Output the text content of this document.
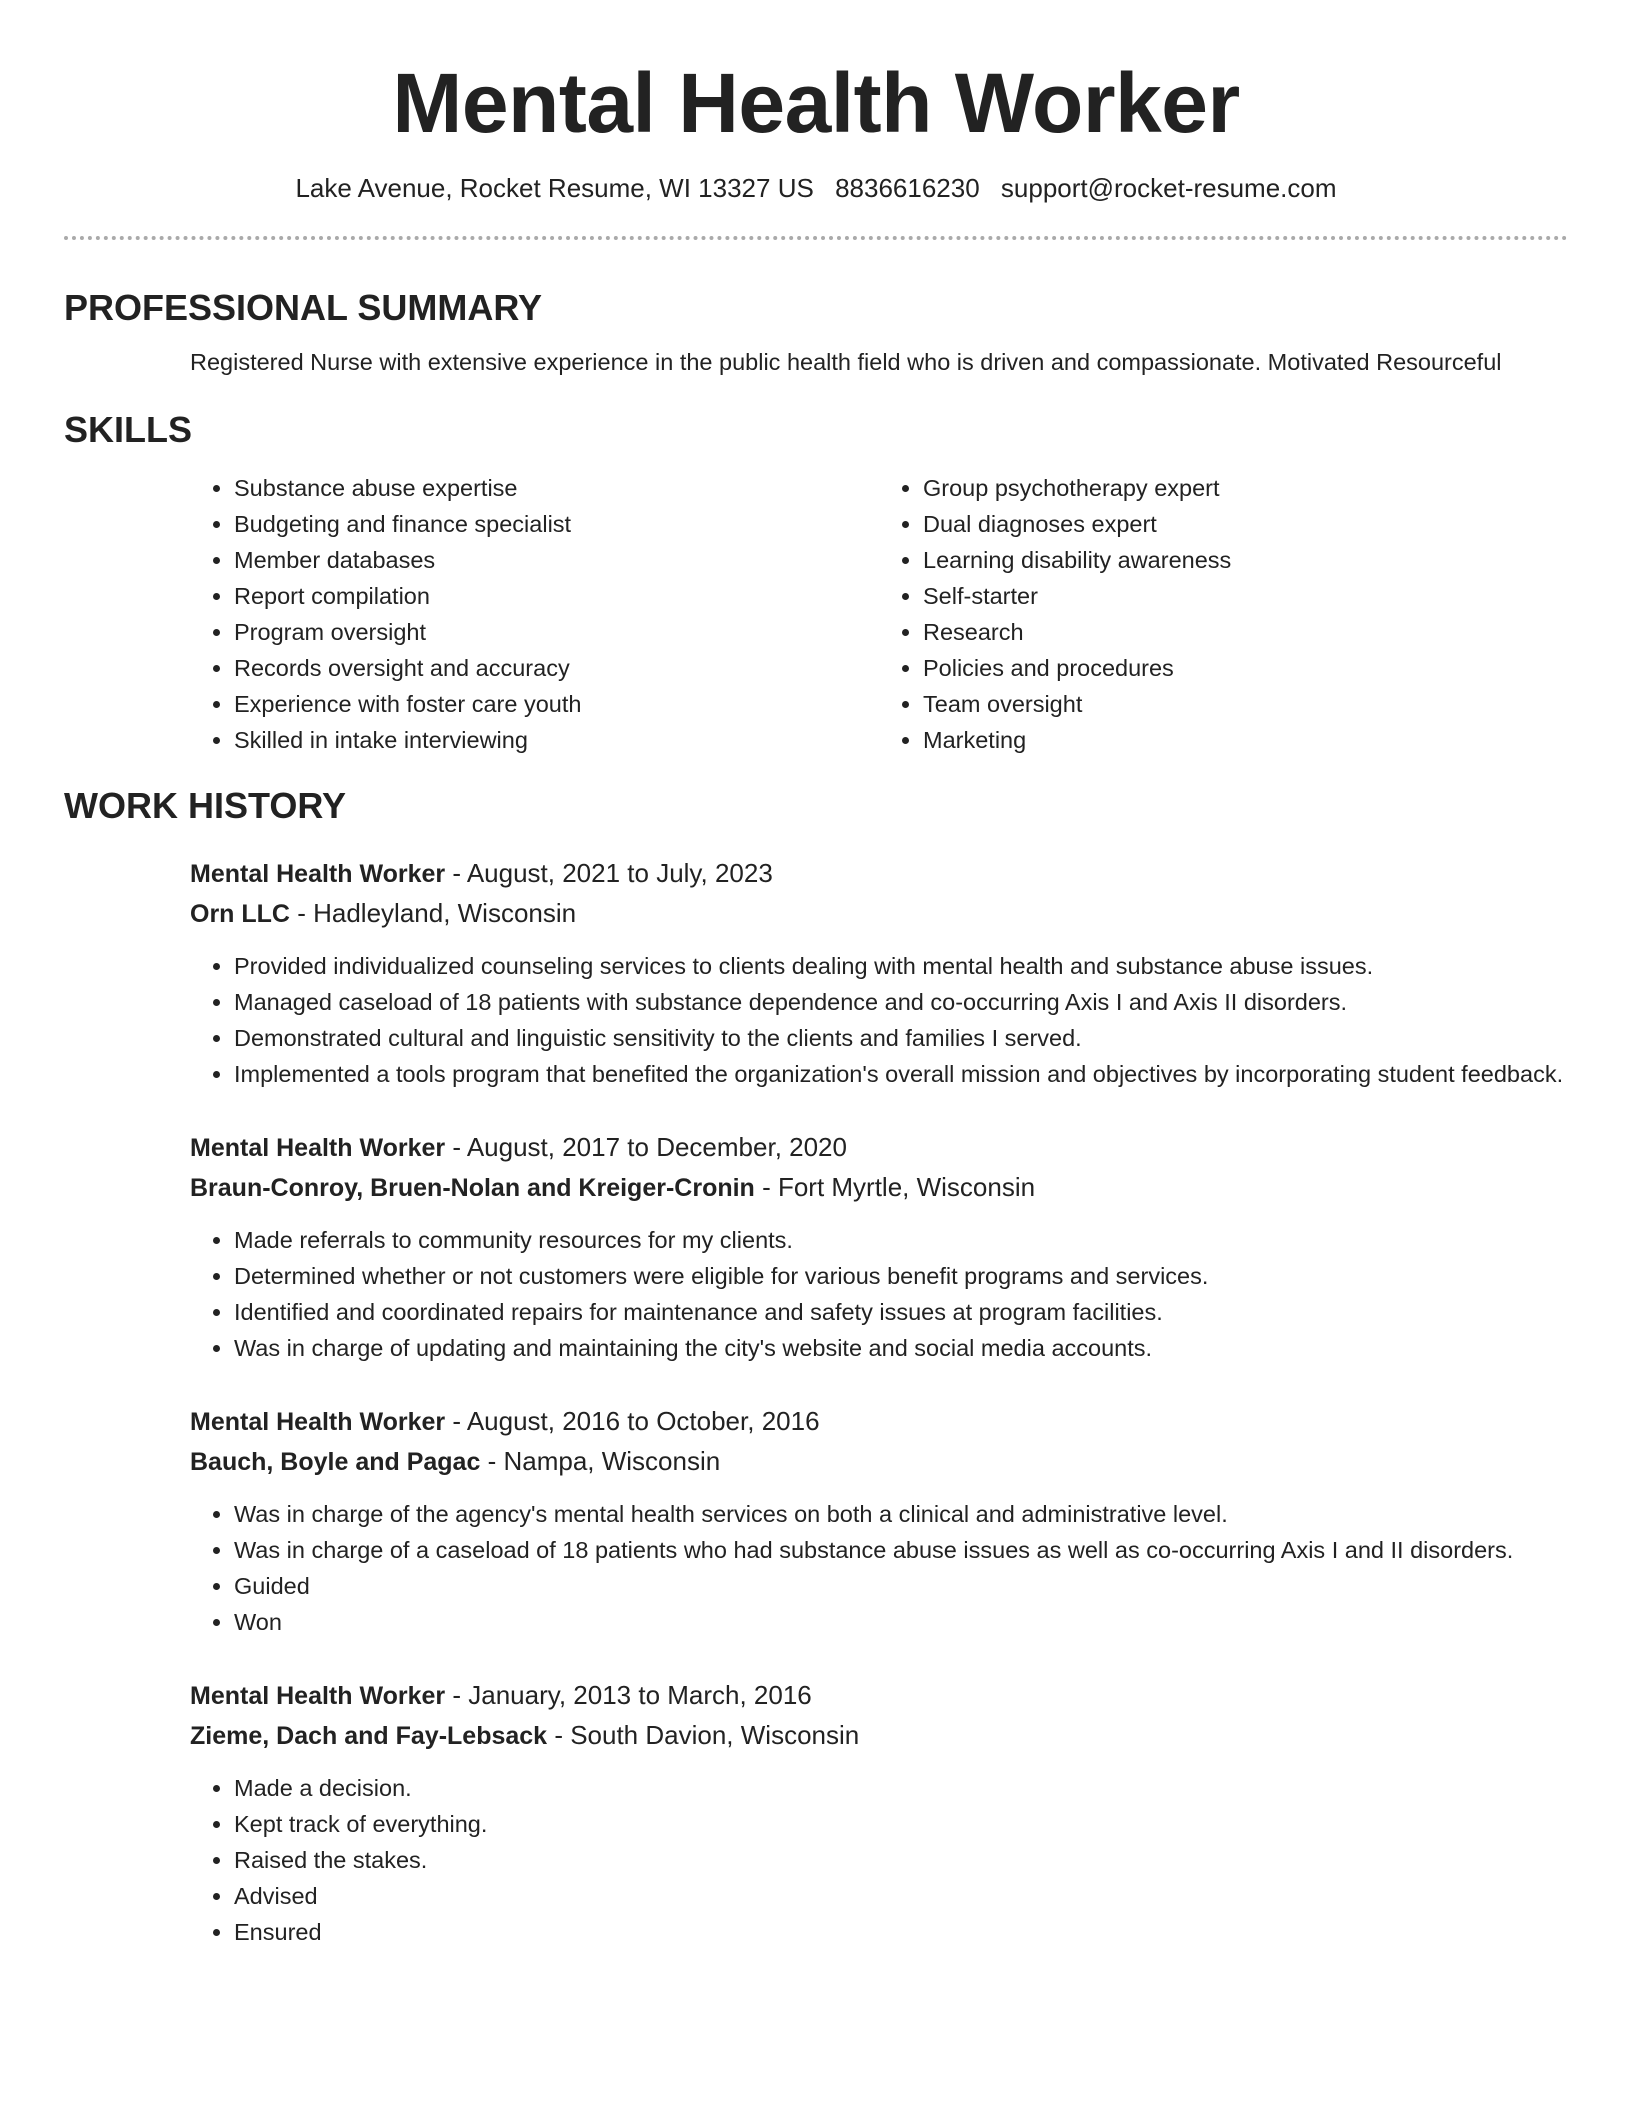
Mental Health Worker
Lake Avenue, Rocket Resume, WI 13327 US 8836616230 support@rocket-resume.com
PROFESSIONAL SUMMARY

Registered Nurse with extensive experience in the public health field who is driven and compassionate. Motivated Resourceful

SKILLS
• Substance abuse expertise
• Budgeting and finance specialist
• Member databases
• Report compilation
• Program oversight
• Records oversight and accuracy
• Experience with foster care youth
• Skilled in intake interviewing
• Group psychotherapy expert
• Dual diagnoses expert
• Learning disability awareness
• Self-starter
• Research
• Policies and procedures
• Team oversight
• Marketing
WORK HISTORY
Mental Health Worker - August, 2021 to July, 2023
Orn LLC - Hadleyland, Wisconsin
• Provided individualized counseling services to clients dealing with mental health and substance abuse issues.
• Managed caseload of 18 patients with substance dependence and co-occurring Axis I and Axis II disorders.
• Demonstrated cultural and linguistic sensitivity to the clients and families I served.
• Implemented a tools program that benefited the organization's overall mission and objectives by incorporating student feedback.
Mental Health Worker - August, 2017 to December, 2020
Braun-Conroy, Bruen-Nolan and Kreiger-Cronin - Fort Myrtle, Wisconsin
• Made referrals to community resources for my clients.
• Determined whether or not customers were eligible for various benefit programs and services.
• Identified and coordinated repairs for maintenance and safety issues at program facilities.
• Was in charge of updating and maintaining the city's website and social media accounts.
Mental Health Worker - August, 2016 to October, 2016
Bauch, Boyle and Pagac - Nampa, Wisconsin
• Was in charge of the agency's mental health services on both a clinical and administrative level.
• Was in charge of a caseload of 18 patients who had substance abuse issues as well as co-occurring Axis I and II disorders.
• Guided
• Won
Mental Health Worker - January, 2013 to March, 2016
Zieme, Dach and Fay-Lebsack - South Davion, Wisconsin
• Made a decision.
• Kept track of everything.
• Raised the stakes.
• Advised
• Ensured
